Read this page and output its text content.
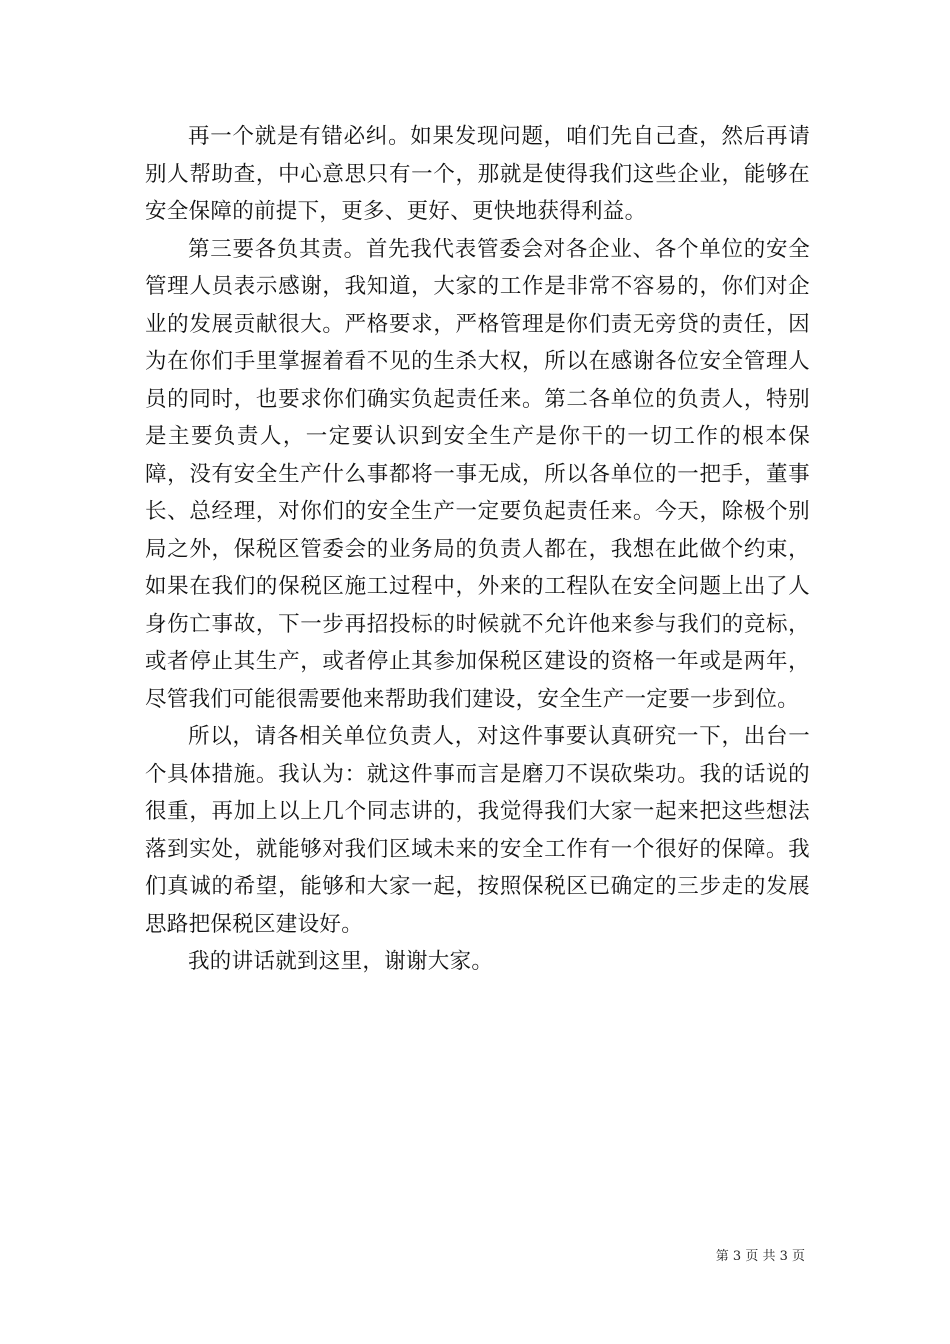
再一个就是有错必纠。如果发现问题，咱们先自己查，然后再请别人帮助查，中心意思只有一个，那就是使得我们这些企业，能够在安全保障的前提下，更多、更好、更快地获得利益。

第三要各负其责。首先我代表管委会对各企业、各个单位的安全管理人员表示感谢，我知道，大家的工作是非常不容易的，你们对企业的发展贡献很大。严格要求，严格管理是你们责无旁贷的责任，因为在你们手里掌握着看不见的生杀大权，所以在感谢各位安全管理人员的同时，也要求你们确实负起责任来。第二各单位的负责人，特别是主要负责人，一定要认识到安全生产是你干的一切工作的根本保障，没有安全生产什么事都将一事无成，所以各单位的一把手，董事长、总经理，对你们的安全生产一定要负起责任来。今天，除极个别局之外，保税区管委会的业务局的负责人都在，我想在此做个约束，如果在我们的保税区施工过程中，外来的工程队在安全问题上出了人身伤亡事故，下一步再招投标的时候就不允许他来参与我们的竞标，或者停止其生产，或者停止其参加保税区建设的资格一年或是两年，尽管我们可能很需要他来帮助我们建设，安全生产一定要一步到位。

所以，请各相关单位负责人，对这件事要认真研究一下，出台一个具体措施。我认为：就这件事而言是磨刀不误砍柴功。我的话说的很重，再加上以上几个同志讲的，我觉得我们大家一起来把这些想法落到实处，就能够对我们区域未来的安全工作有一个很好的保障。我们真诚的希望，能够和大家一起，按照保税区已确定的三步走的发展思路把保税区建设好。

我的讲话就到这里，谢谢大家。

第 3 页 共 3 页
